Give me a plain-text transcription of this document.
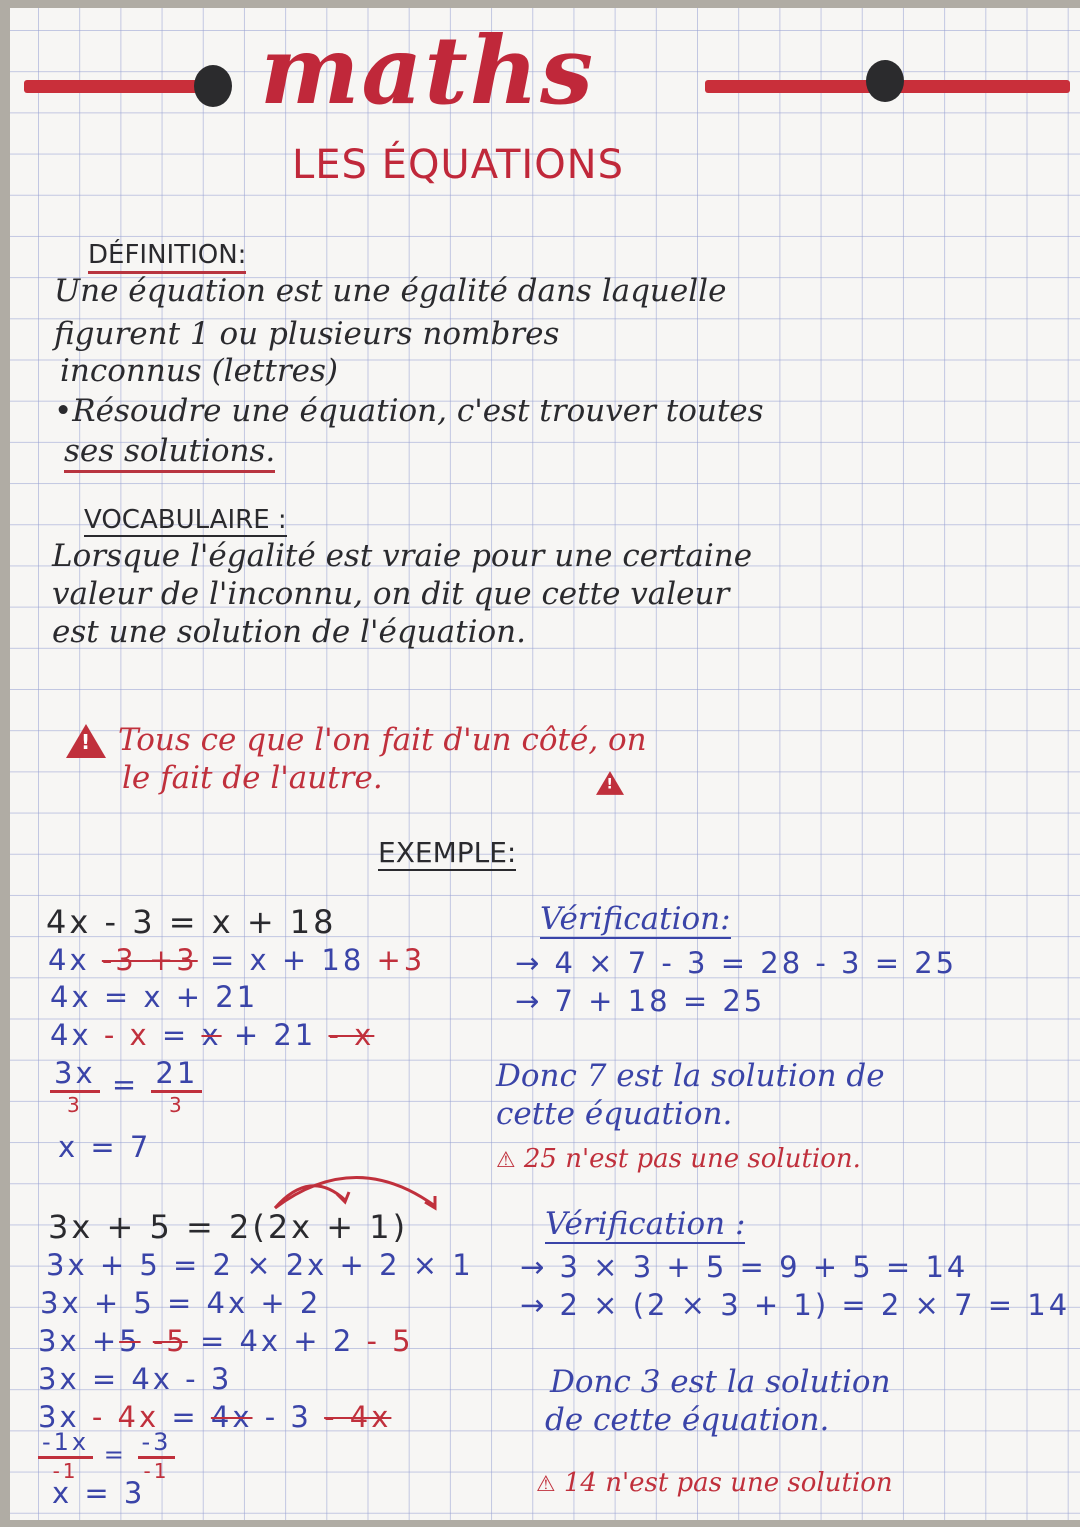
maths
LES ÉQUATIONS
DÉFINITION:
Une équation est une égalité dans laquelle
figurent 1 ou plusieurs nombres
inconnus (lettres)
•Résoudre une équation, c'est trouver toutes
ses solutions.
VOCABULAIRE :
Lorsque l'égalité est vraie pour une certaine
valeur de l'inconnu, on dit que cette valeur
est une solution de l'équation.
!
Tous ce que l'on fait d'un côté, on
le fait de l'autre.
!
EXEMPLE:
4x - 3 = x + 18
4x -3 +3 = x + 18 +3
4x = x + 21
4x - x = x + 21 - x
$\frac{3x}{3} = \frac{21}{3}$
x = 7
Vérification:
→ 4 × 7 - 3 = 28 - 3 = 25
→ 7 + 18 = 25
Donc 7 est la solution de
cette équation.
⚠ 25 n'est pas une solution.
3x + 5 = 2(2x + 1)
3x + 5 = 2 × 2x + 2 × 1
3x + 5 = 4x + 2
3x +5 -5 = 4x + 2 - 5
3x = 4x - 3
3x - 4x = 4x - 3 - 4x
$\frac{-1x}{-1} = \frac{-3}{-1}$
x = 3
Vérification :
→ 3 × 3 + 5 = 9 + 5 = 14
→ 2 × (2 × 3 + 1) = 2 × 7 = 14
Donc 3 est la solution
de cette équation.
⚠ 14 n'est pas une solution
